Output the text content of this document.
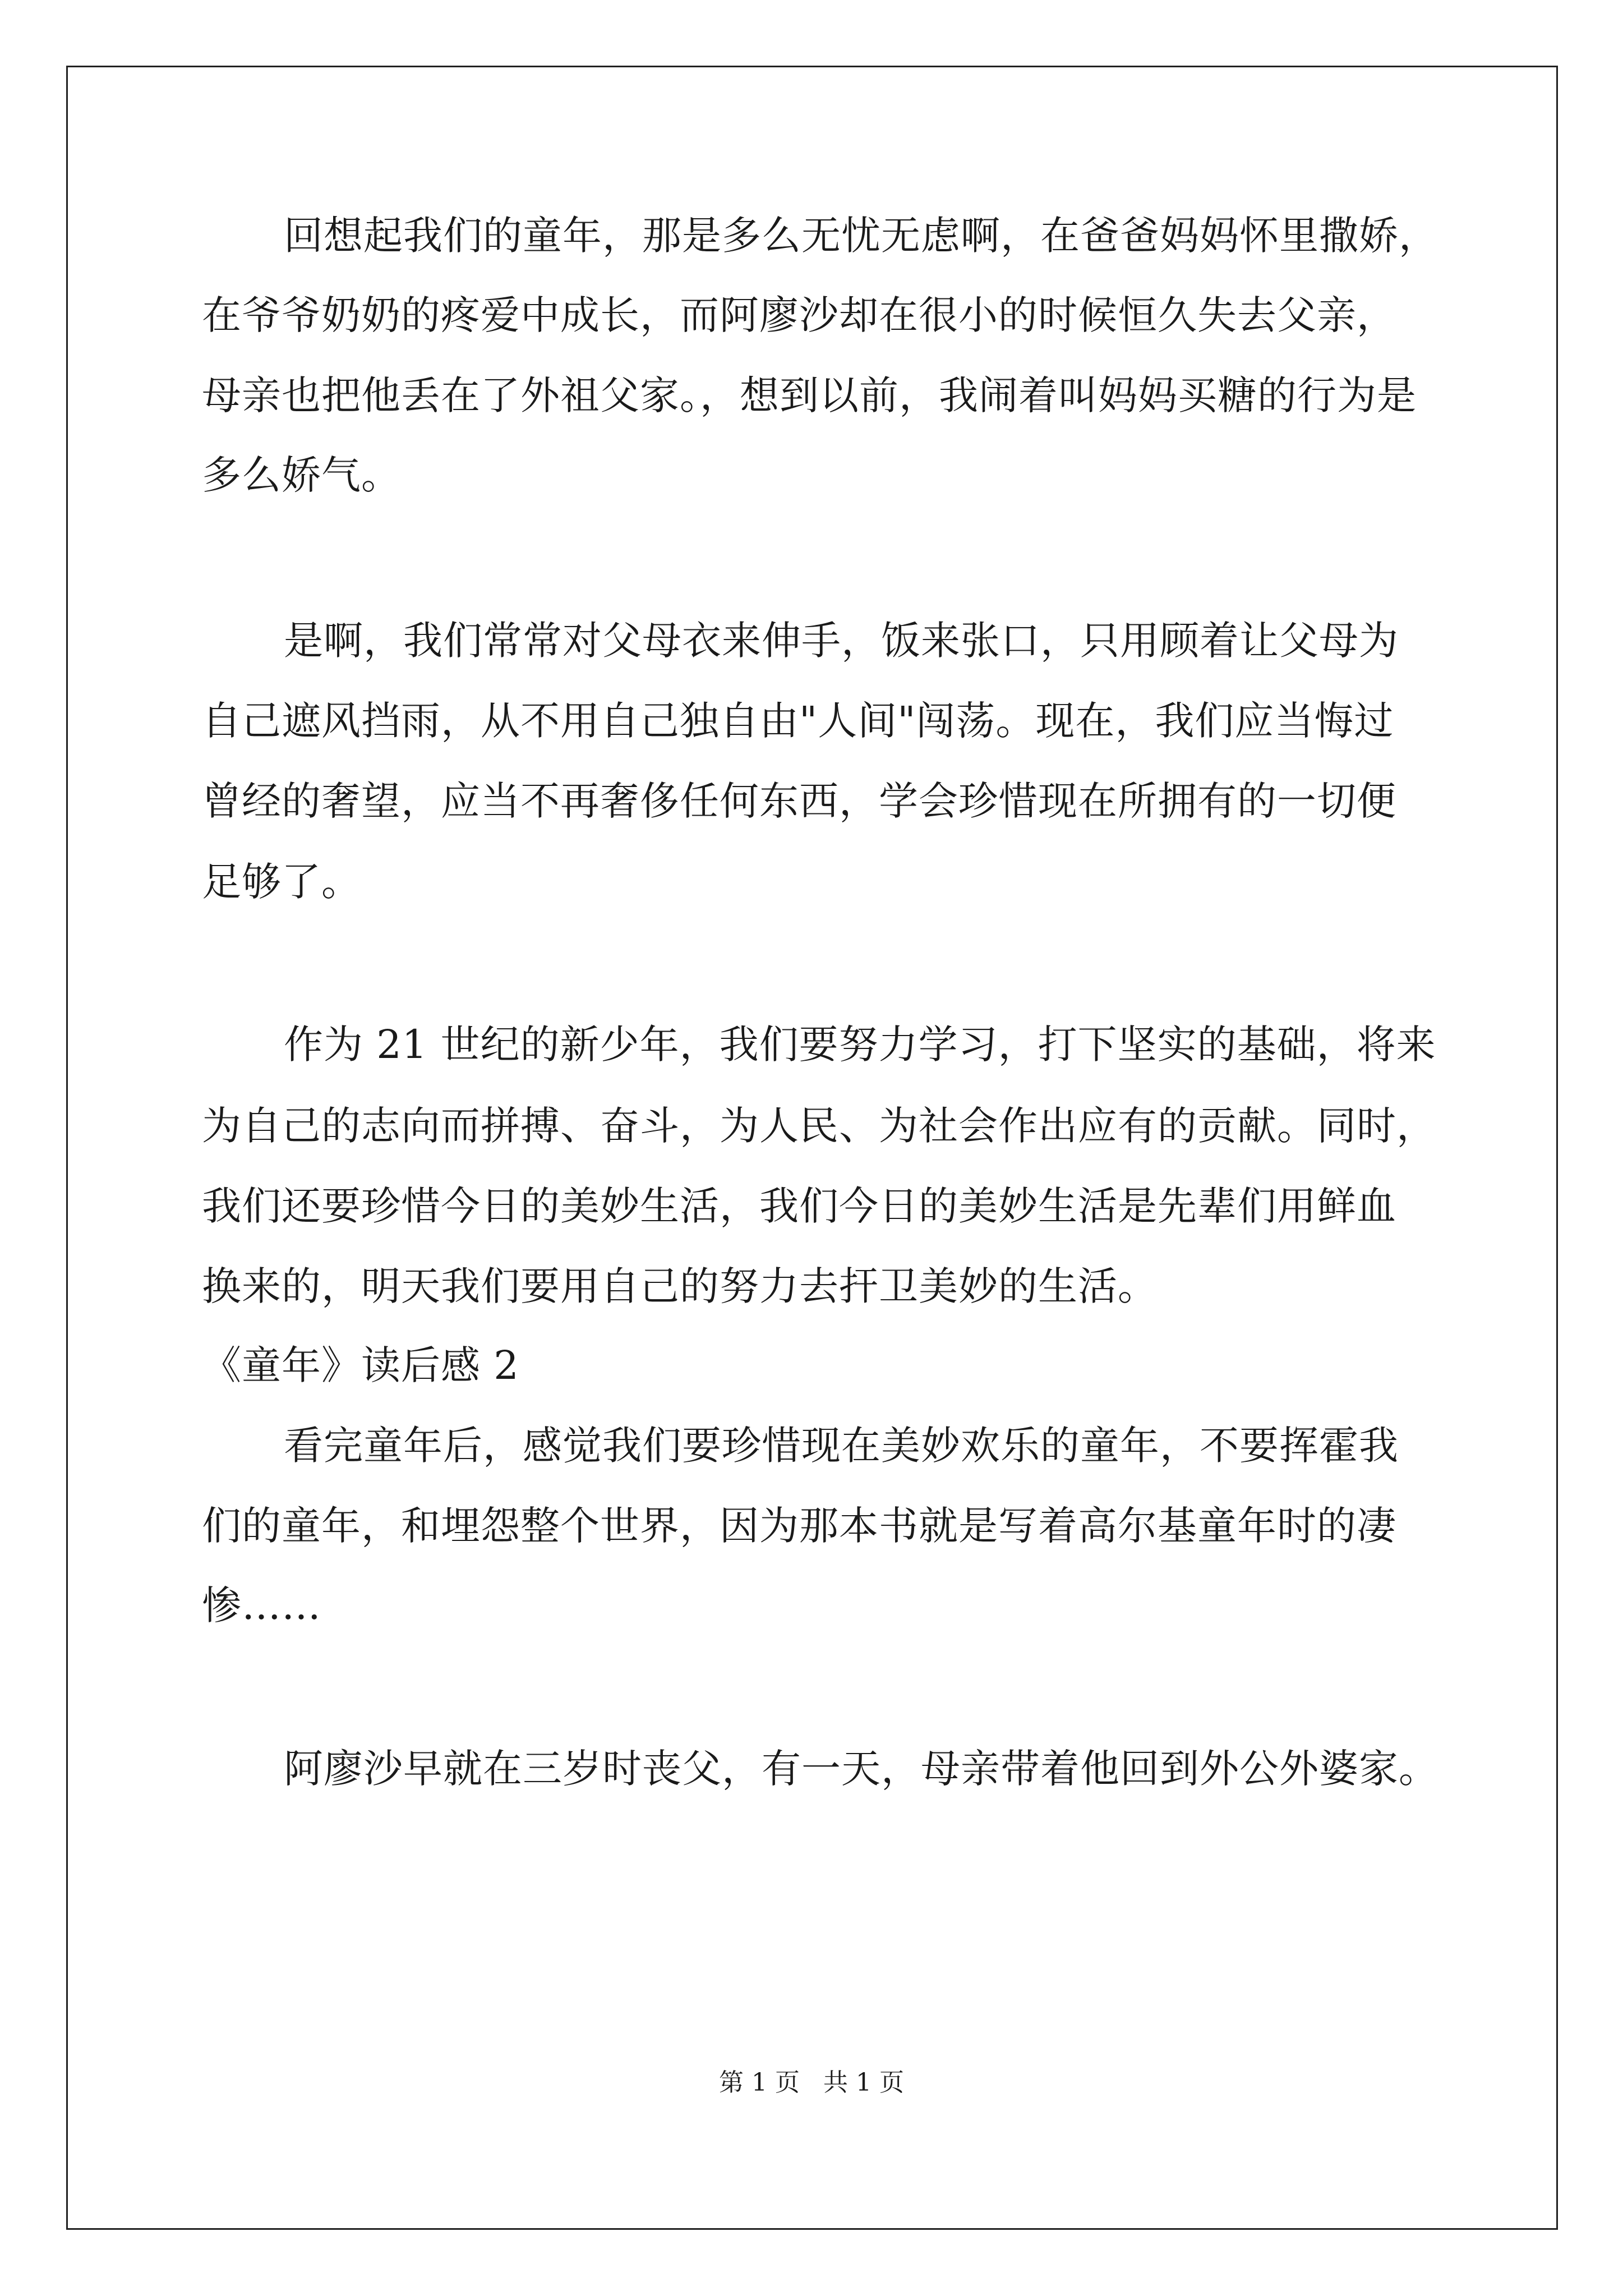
回想起我们的童年，那是多么无忧无虑啊，在爸爸妈妈怀里撒娇，
在爷爷奶奶的疼爱中成长，而阿廖沙却在很小的时候恒久失去父亲，
母亲也把他丢在了外祖父家。，想到以前，我闹着叫妈妈买糖的行为是
多么娇气。
是啊，我们常常对父母衣来伸手，饭来张口，只用顾着让父母为
自己遮风挡雨，从不用自己独自由"人间"闯荡。现在，我们应当悔过
曾经的奢望，应当不再奢侈任何东西，学会珍惜现在所拥有的一切便
足够了。
作为 21 世纪的新少年，我们要努力学习，打下坚实的基础，将来
为自己的志向而拼搏、奋斗，为人民、为社会作出应有的贡献。同时，
我们还要珍惜今日的美妙生活，我们今日的美妙生活是先辈们用鲜血
换来的，明天我们要用自己的努力去扞卫美妙的生活。
《童年》读后感 2
看完童年后，感觉我们要珍惜现在美妙欢乐的童年，不要挥霍我
们的童年，和埋怨整个世界，因为那本书就是写着高尔基童年时的凄
惨……
阿廖沙早就在三岁时丧父，有一天，母亲带着他回到外公外婆家。
第 1 页   共 1 页
